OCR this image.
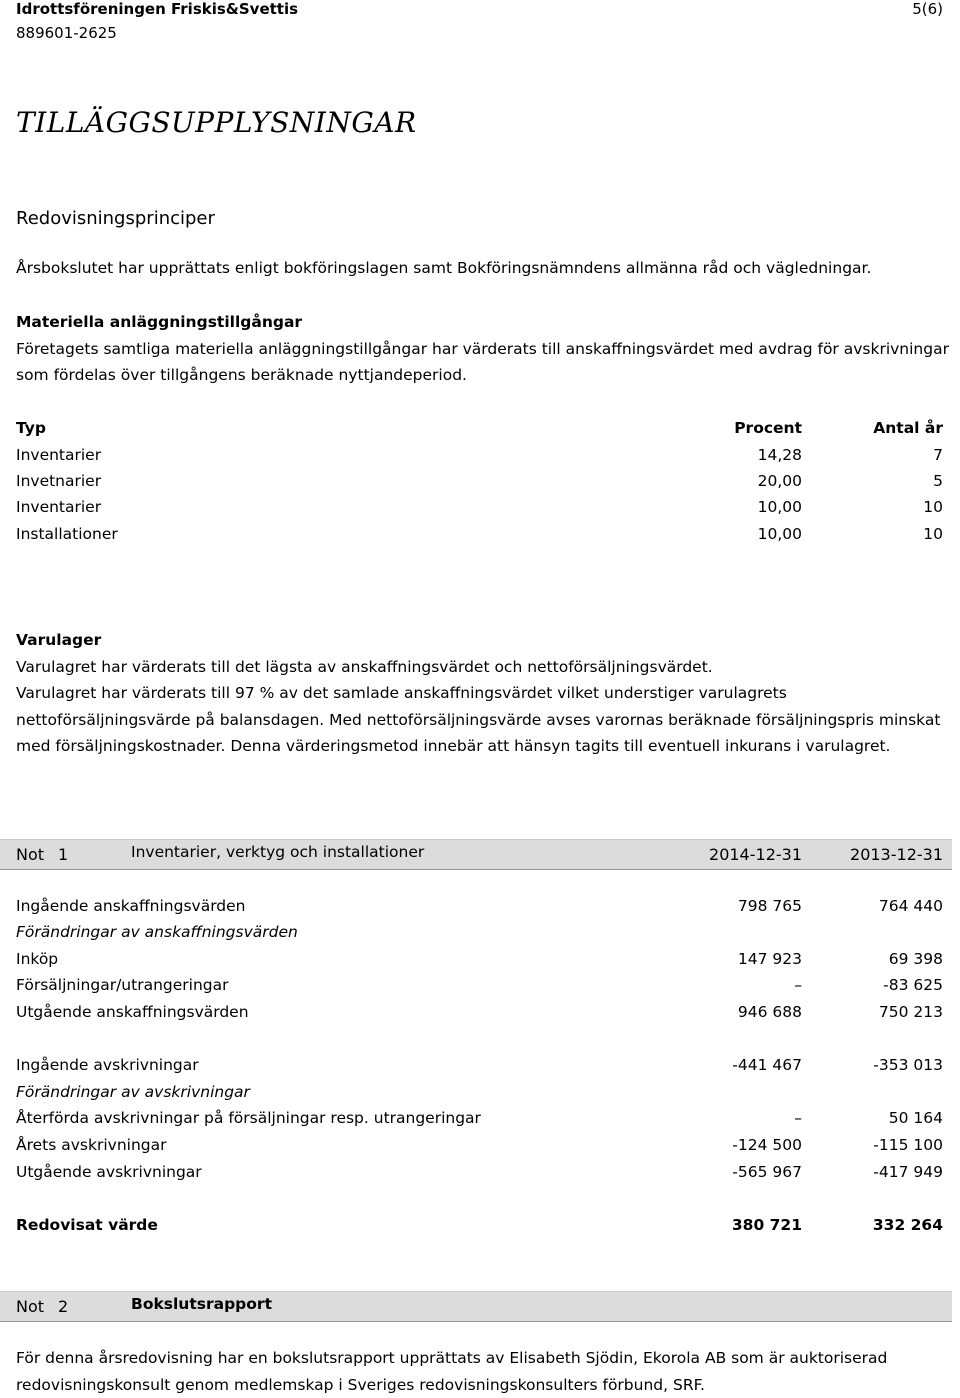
Idrottsföreningen Friskis&Svettis
889601-2625
5(6)
TILLÄGGSUPPLYSNINGAR
Redovisningsprinciper
Årsbokslutet har upprättats enligt bokföringslagen samt Bokföringsnämndens allmänna råd och vägledningar.
Materiella anläggningstillgångar
Företagets samtliga materiella anläggningstillgångar har värderats till anskaffningsvärdet med avdrag för avskrivningar
som fördelas över tillgångens beräknade nyttjandeperiod.
Typ	Procent	Antal år
Inventarier	14,28	7
Invetnarier	20,00	5
Inventarier	10,00	10
Installationer	10,00	10
Varulager
Varulagret har värderats till det lägsta av anskaffningsvärdet och nettoförsäljningsvärdet.
Varulagret har värderats till 97 % av det samlade anskaffningsvärdet vilket understiger varulagrets
nettoförsäljningsvärde på balansdagen. Med nettoförsäljningsvärde avses varornas beräknade försäljningspris minskat
med försäljningskostnader. Denna värderingsmetod innebär att hänsyn tagits till eventuell inkurans i varulagret.
Not 1	Inventarier, verktyg och installationer	2014-12-31	2013-12-31
Ingående anskaffningsvärden	798 765	764 440
Förändringar av anskaffningsvärden
Inköp	147 923	69 398
Försäljningar/utrangeringar	–	-83 625
Utgående anskaffningsvärden	946 688	750 213
Ingående avskrivningar	-441 467	-353 013
Förändringar av avskrivningar
Återförda avskrivningar på försäljningar resp. utrangeringar	–	50 164
Årets avskrivningar	-124 500	-115 100
Utgående avskrivningar	-565 967	-417 949
Redovisat värde	380 721	332 264
Not 2	Bokslutsrapport
För denna årsredovisning har en bokslutsrapport upprättats av Elisabeth Sjödin, Ekorola AB som är auktoriserad
redovisningskonsult genom medlemskap i Sveriges redovisningskonsulters förbund, SRF.
